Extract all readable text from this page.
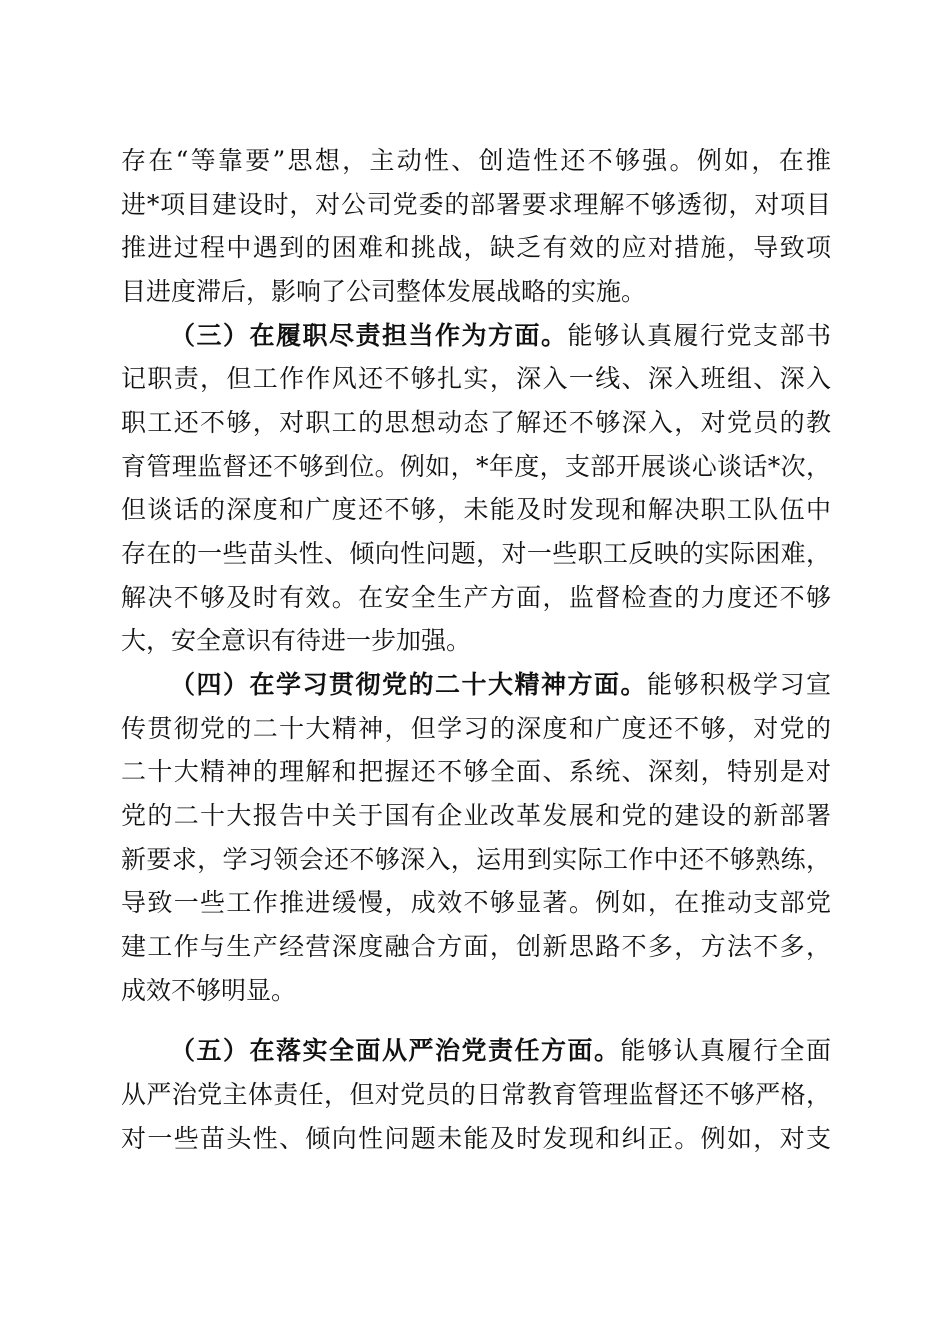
存在“等靠要”思想，主动性、创造性还不够强。例如，在推
进*项目建设时，对公司党委的部署要求理解不够透彻，对项目
推进过程中遇到的困难和挑战，缺乏有效的应对措施，导致项
目进度滞后，影响了公司整体发展战略的实施。
（三）在履职尽责担当作为方面。能够认真履行党支部书
记职责，但工作作风还不够扎实，深入一线、深入班组、深入
职工还不够，对职工的思想动态了解还不够深入，对党员的教
育管理监督还不够到位。例如，*年度，支部开展谈心谈话*次，
但谈话的深度和广度还不够，未能及时发现和解决职工队伍中
存在的一些苗头性、倾向性问题，对一些职工反映的实际困难，
解决不够及时有效。在安全生产方面，监督检查的力度还不够
大，安全意识有待进一步加强。
（四）在学习贯彻党的二十大精神方面。能够积极学习宣
传贯彻党的二十大精神，但学习的深度和广度还不够，对党的
二十大精神的理解和把握还不够全面、系统、深刻，特别是对
党的二十大报告中关于国有企业改革发展和党的建设的新部署
新要求，学习领会还不够深入，运用到实际工作中还不够熟练，
导致一些工作推进缓慢，成效不够显著。例如，在推动支部党
建工作与生产经营深度融合方面，创新思路不多，方法不多，
成效不够明显。
（五）在落实全面从严治党责任方面。能够认真履行全面
从严治党主体责任，但对党员的日常教育管理监督还不够严格，
对一些苗头性、倾向性问题未能及时发现和纠正。例如，对支
